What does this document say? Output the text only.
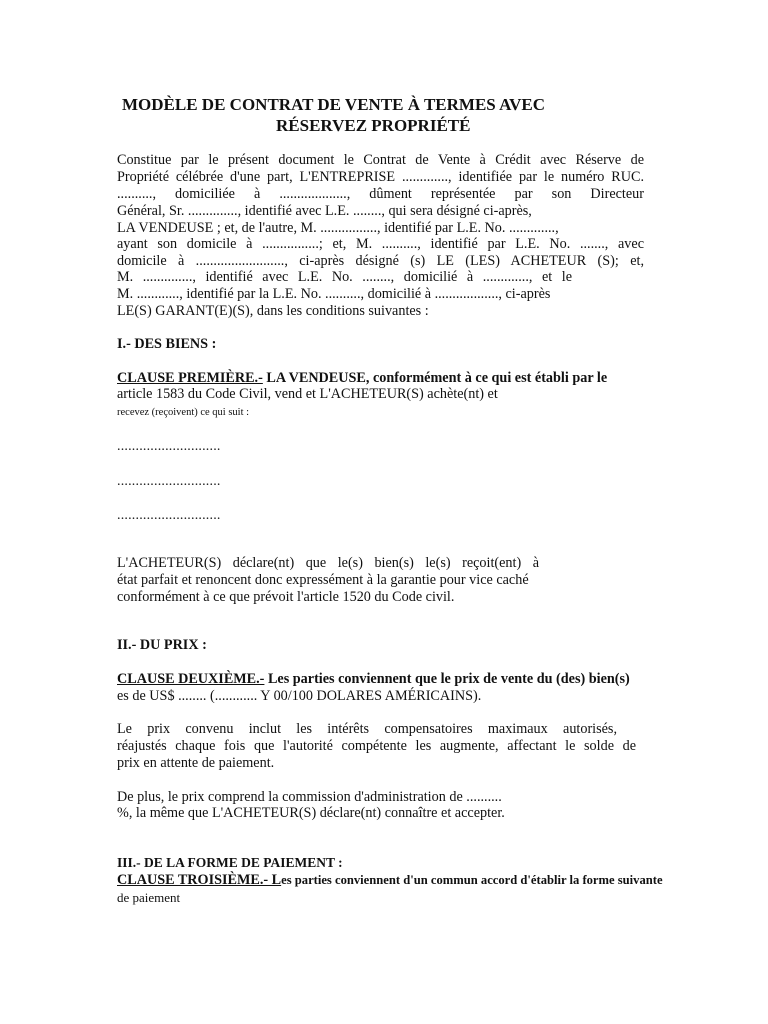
MODÈLE DE CONTRAT DE VENTE À TERMES AVEC
RÉSERVEZ PROPRIÉTÉ
Constitue par le présent document le Contrat de Vente à Crédit avec Réserve de
Propriété célébrée d'une part, L'ENTREPRISE ............., identifiée par le numéro RUC.
.........., domiciliée à ..................., dûment représentée par son Directeur
Général, Sr. .............., identifié avec L.E. ........, qui sera désigné ci-après,
LA VENDEUSE ; et, de l'autre, M. ................, identifié par L.E. No. .............,
ayant son domicile à ................; et, M. .........., identifié par L.E. No. ......., avec
domicile à ........................., ci-après désigné (s) LE (LES) ACHETEUR (S); et,
M. .............., identifié avec L.E. No. ........, domicilié à ............., et le
M. ............, identifié par la L.E. No. .........., domicilié à .................., ci-après
LE(S) GARANT(E)(S), dans les conditions suivantes :
I.- DES BIENS :
CLAUSE PREMIÈRE.- LA VENDEUSE, conformément à ce qui est établi par le
article 1583 du Code Civil, vend et L'ACHETEUR(S) achète(nt) et
recevez (reçoivent) ce qui suit :
............................
............................
............................
L'ACHETEUR(S) déclare(nt) que le(s) bien(s) le(s) reçoit(ent) à
état parfait et renoncent donc expressément à la garantie pour vice caché
conformément à ce que prévoit l'article 1520 du Code civil.
II.- DU PRIX :
CLAUSE DEUXIÈME.- Les parties conviennent que le prix de vente du (des) bien(s)
es de US$ ........ (............ Y 00/100 DOLARES AMÉRICAINS).
Le prix convenu inclut les intérêts compensatoires maximaux autorisés,
réajustés chaque fois que l'autorité compétente les augmente, affectant le solde de
prix en attente de paiement.
De plus, le prix comprend la commission d'administration de ..........
%, la même que L'ACHETEUR(S) déclare(nt) connaître et accepter.
III.- DE LA FORME DE PAIEMENT :
CLAUSE TROISIÈME.- Les parties conviennent d'un commun accord d'établir la forme suivante
de paiement
